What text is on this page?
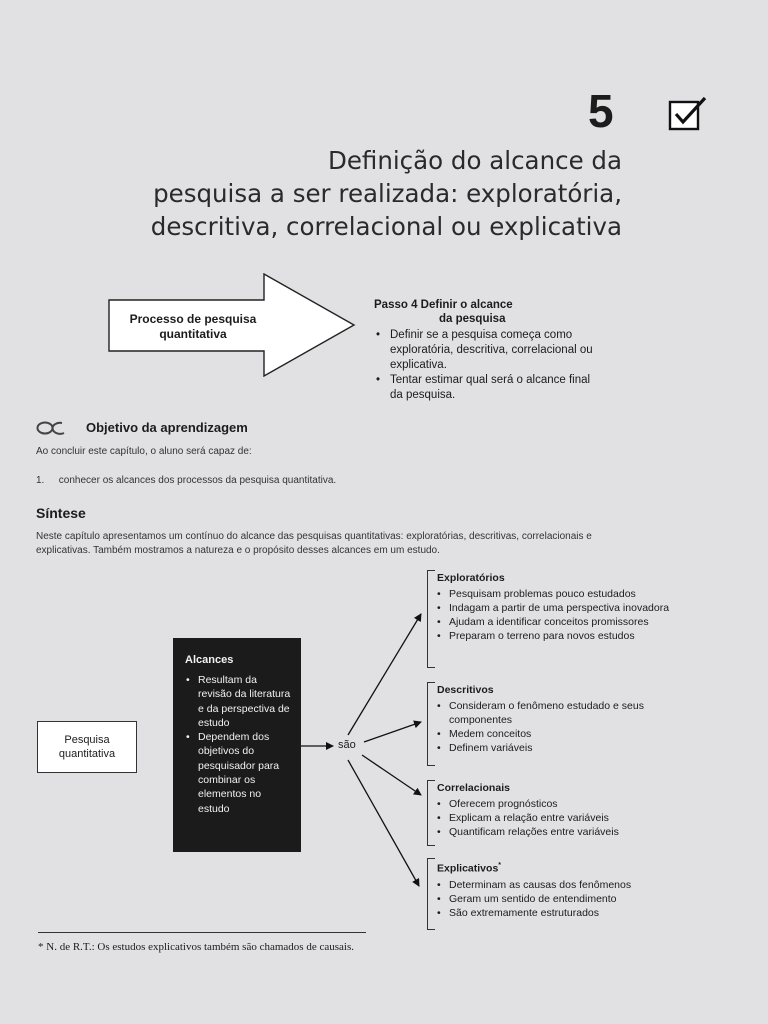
5
Definição do alcance da
pesquisa a ser realizada: exploratória,
descritiva, correlacional ou explicativa
Processo de pesquisa quantitativa
Passo 4 Definir o alcance
da pesquisa
• Definir se a pesquisa começa como exploratória, descritiva, correlacional ou explicativa.
• Tentar estimar qual será o alcance final da pesquisa.
Objetivo da aprendizagem
Ao concluir este capítulo, o aluno será capaz de:
1. conhecer os alcances dos processos da pesquisa quantitativa.
Síntese
Neste capítulo apresentamos um contínuo do alcance das pesquisas quantitativas: exploratórias, descritivas, correlacionais e explicativas. Também mostramos a natureza e o propósito desses alcances em um estudo.
Pesquisa quantitativa
Alcances
• Resultam da revisão da literatura e da perspectiva de estudo
• Dependem dos objetivos do pesquisador para combinar os elementos no estudo
são
Exploratórios
• Pesquisam problemas pouco estudados
• Indagam a partir de uma perspectiva inovadora
• Ajudam a identificar conceitos promissores
• Preparam o terreno para novos estudos
Descritivos
• Consideram o fenômeno estudado e seus componentes
• Medem conceitos
• Definem variáveis
Correlacionais
• Oferecem prognósticos
• Explicam a relação entre variáveis
• Quantificam relações entre variáveis
Explicativos*
• Determinam as causas dos fenômenos
• Geram um sentido de entendimento
• São extremamente estruturados
* N. de R.T.: Os estudos explicativos também são chamados de causais.
